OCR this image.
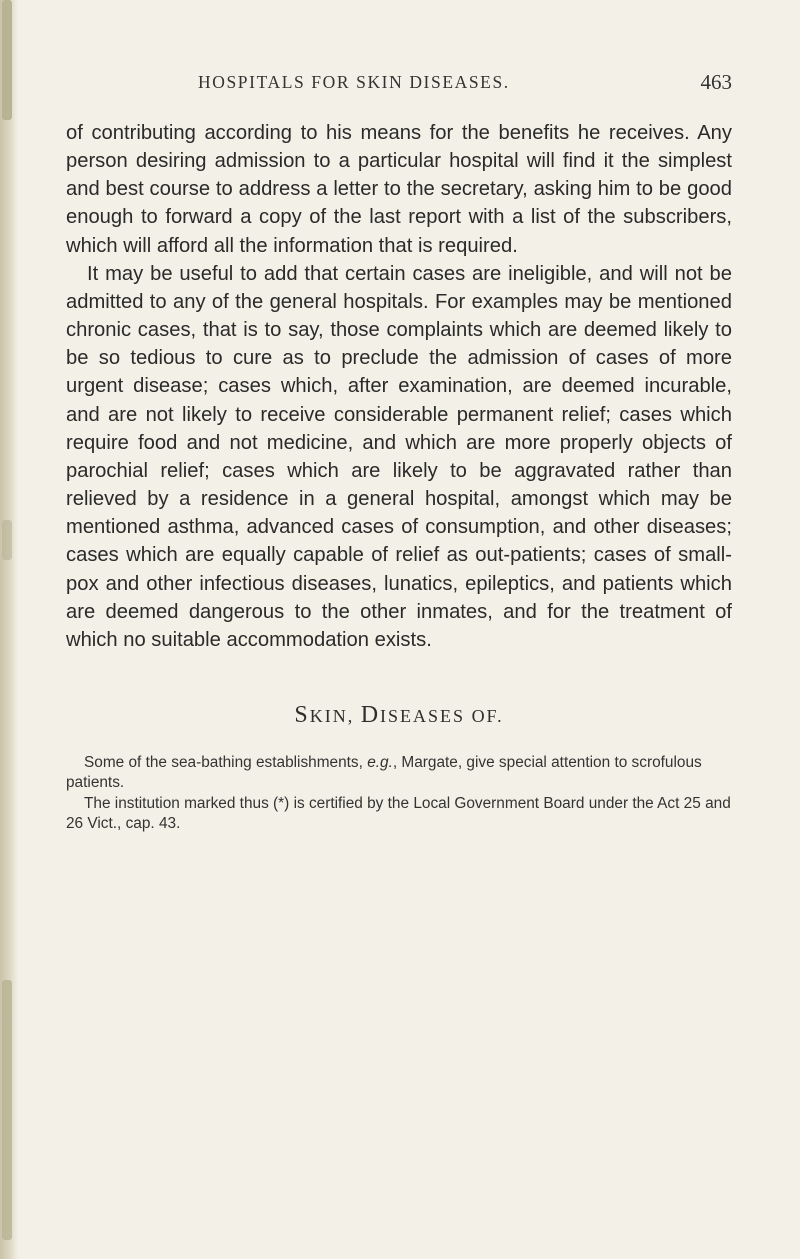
HOSPITALS FOR SKIN DISEASES.	463

of contributing according to his means for the benefits he receives. Any person desiring admission to a particular hospital will find it the simplest and best course to address a letter to the secretary, asking him to be good enough to forward a copy of the last report with a list of the subscribers, which will afford all the information that is required.

It may be useful to add that certain cases are ineligible, and will not be admitted to any of the general hospitals. For examples may be mentioned chronic cases, that is to say, those complaints which are deemed likely to be so tedious to cure as to preclude the admission of cases of more urgent disease; cases which, after examination, are deemed incurable, and are not likely to receive considerable permanent relief; cases which require food and not medicine, and which are more properly objects of parochial relief; cases which are likely to be aggravated rather than relieved by a residence in a general hospital, amongst which may be mentioned asthma, advanced cases of consumption, and other diseases; cases which are equally capable of relief as out-patients; cases of small-pox and other infectious diseases, lunatics, epileptics, and patients which are deemed dangerous to the other inmates, and for the treatment of which no suitable accommodation exists.

SKIN, DISEASES OF.

Some of the sea-bathing establishments, e.g., Margate, give special attention to scrofulous patients.

The institution marked thus (*) is certified by the Local Government Board under the Act 25 and 26 Vict., cap. 43.
